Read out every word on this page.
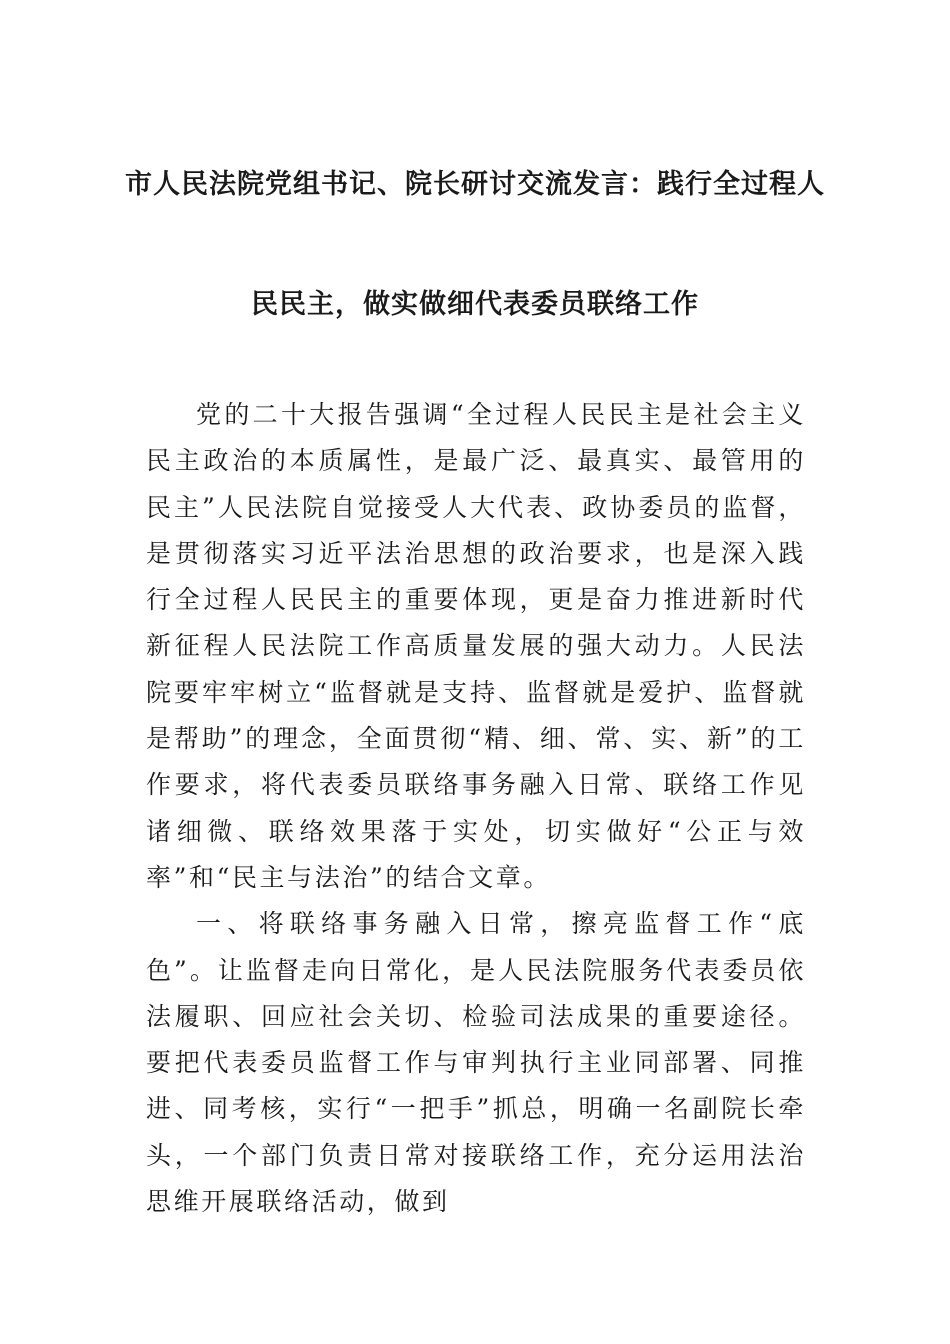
市人民法院党组书记、院长研讨交流发言：践行全过程人
民民主，做实做细代表委员联络工作

党的二十大报告强调“全过程人民民主是社会主义民主政治的本质属性，是最广泛、最真实、最管用的民主”人民法院自觉接受人大代表、政协委员的监督，是贯彻落实习近平法治思想的政治要求，也是深入践行全过程人民民主的重要体现，更是奋力推进新时代新征程人民法院工作高质量发展的强大动力。人民法院要牢牢树立“监督就是支持、监督就是爱护、监督就是帮助”的理念，全面贯彻“精、细、常、实、新”的工作要求，将代表委员联络事务融入日常、联络工作见诸细微、联络效果落于实处，切实做好“公正与效率”和“民主与法治”的结合文章。

一、将联络事务融入日常，擦亮监督工作“底色”。让监督走向日常化，是人民法院服务代表委员依法履职、回应社会关切、检验司法成果的重要途径。要把代表委员监督工作与审判执行主业同部署、同推进、同考核，实行“一把手”抓总，明确一名副院长牵头，一个部门负责日常对接联络工作，充分运用法治思维开展联络活动，做到
